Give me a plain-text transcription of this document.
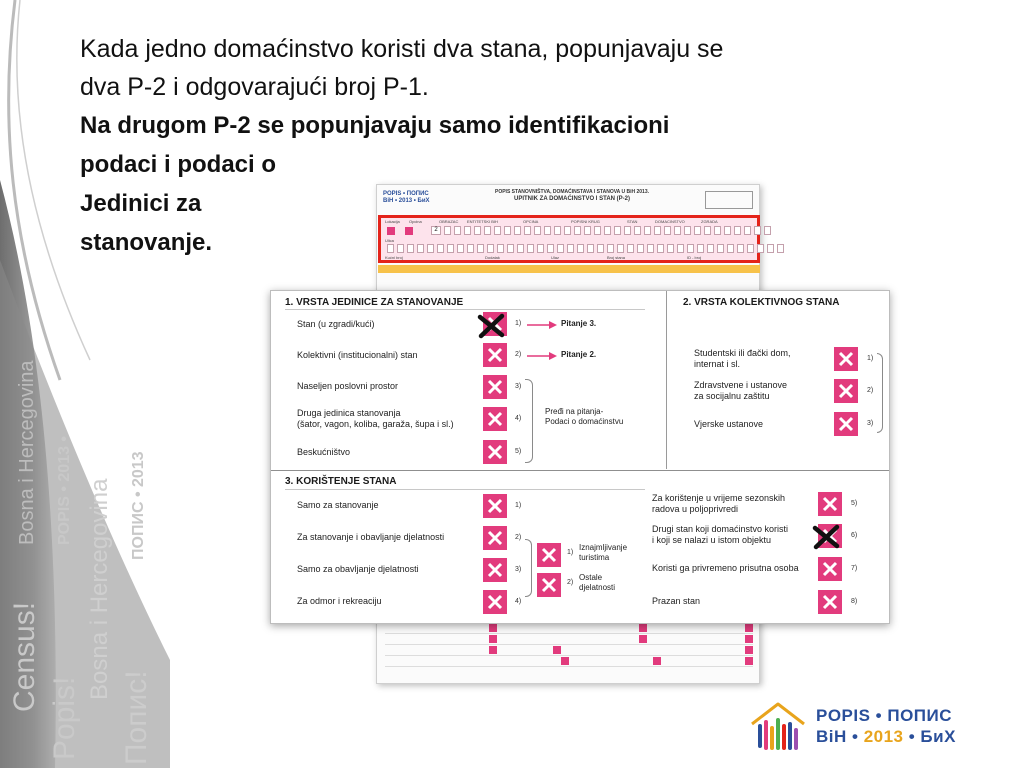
Census!
Popis!
Bosna i Hercegovina
Попис!
Bosna i Hercegovina POPIS • 2013 •	ПОПИС • 2013
Kada jedno domaćinstvo koristi dva stana, popunjavaju se
dva P-2 i odgovarajući broj P-1.
Na drugom P-2 se popunjavaju samo identifikacioni
podaci i podaci o
Jedinici za
stanovanje.
POPIS • ПОПИС
BiH • 2013 • БиХ
POPIS STANOVNIŠTVA, DOMAĆINSTAVA I STANOVA U BiH 2013.
UPITNIK ZA DOMAĆINSTVO I STAN (P-2)
Lokacija Opcina	OBRAZAC ENTITETSKI BIH	OPCINA	POPISNI KRUG	STAN	DOMACINSTVO	ZGRADA
2
Ulica
Kućni broj	Dodatak	Ulaz	Broj stana	ID - broj
1. VRSTA JEDINICE ZA STANOVANJE
Stan (u zgradi/kući)	1)	Pitanje 3.
Kolektivni (institucionalni) stan	2)	Pitanje 2.
Naseljen poslovni prostor	3)
Druga jedinica stanovanja
(šator, vagon, koliba, garaža, šupa i sl.)
4)
Beskućništvo	5)
Pređi na pitanja-
Podaci o domaćinstvu
2. VRSTA KOLEKTIVNOG STANA
Studentski ili đački dom,
internat i sl.
1)
Zdravstvene i ustanove
za socijalnu zaštitu
2)
Vjerske ustanove	3)
3. KORIŠTENJE STANA
Samo za stanovanje	1)
Za stanovanje i obavljanje djelatnosti	2)
Samo za obavljanje djelatnosti	3)
Za odmor i rekreaciju	4)
1)
Iznajmljivanje
turistima
2)
Ostale
djelatnosti
Za korištenje u vrijeme sezonskih
radova u poljoprivredi
5)
Drugi stan koji domaćinstvo koristi
i koji se nalazi u istom objektu	6)
Koristi ga privremeno prisutna osoba	7)
Prazan stan	8)
POPIS • ПОПИС
BiH • 2013 • БиХ
